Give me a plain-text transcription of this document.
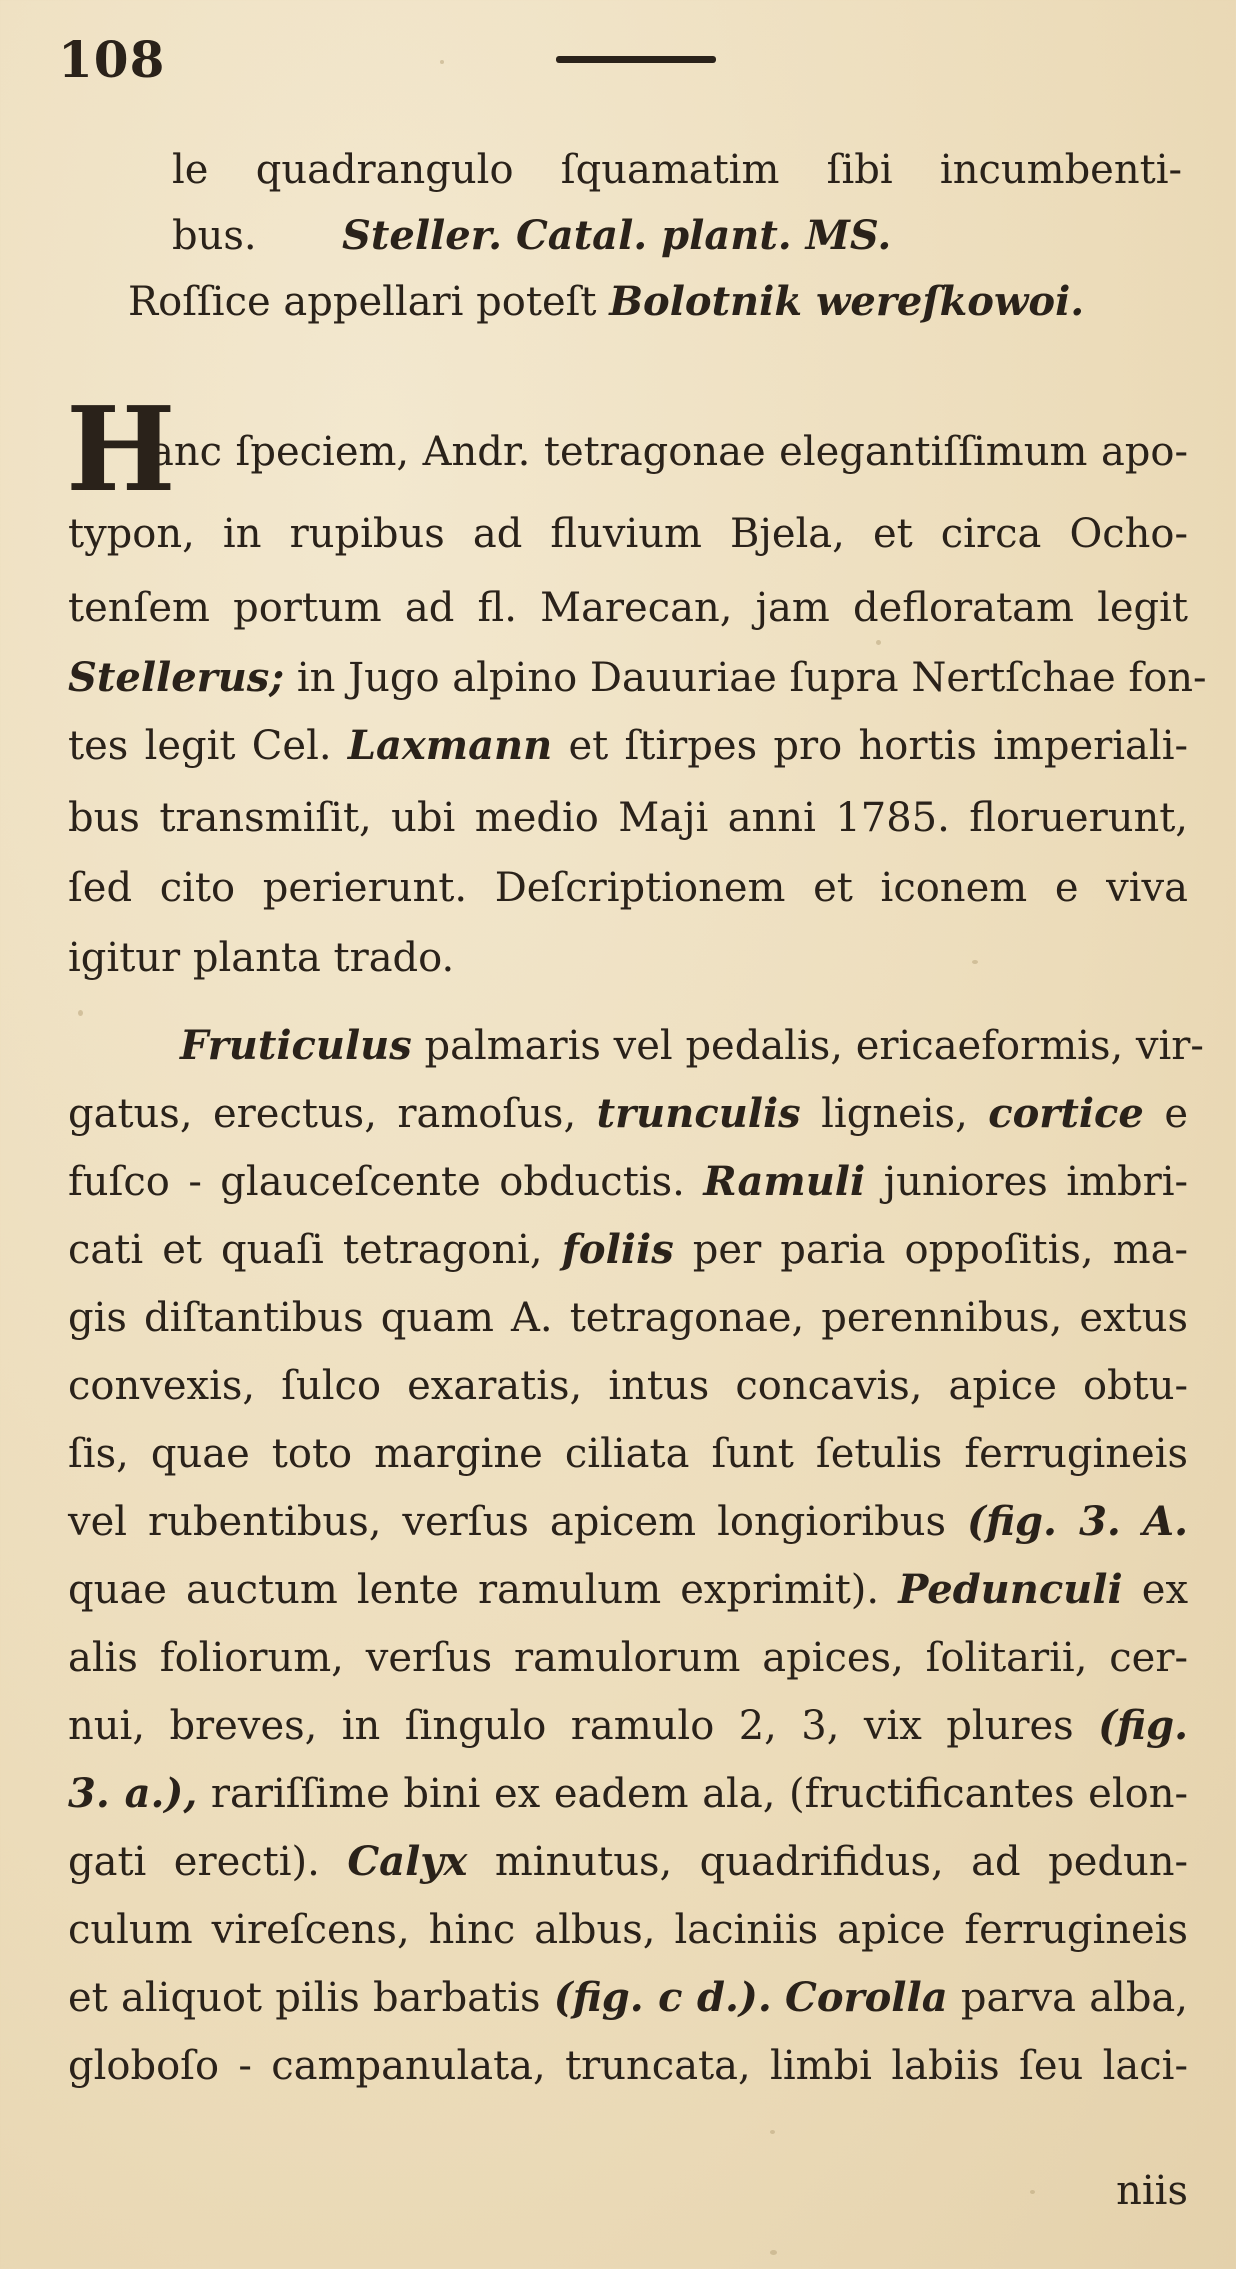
108
le quadrangulo ſquamatim ſibi incumbenti-
bus. Steller. Catal. plant. MS.
Roſſice appellari poteſt Bolotnik wereſkowoi.
H
anc ſpeciem, Andr. tetragonae elegantiſſimum apo-
typon, in rupibus ad fluvium Bjela, et circa Ocho-
tenſem portum ad fl. Marecan, jam defloratam legit
Stellerus; in Jugo alpino Dauuriae ſupra Nertſchae fon-
tes legit Cel. Laxmann et ſtirpes pro hortis imperiali-
bus transmiſit, ubi medio Maji anni 1785. floruerunt,
ſed cito perierunt. Deſcriptionem et iconem e viva
igitur planta trado.
Fruticulus palmaris vel pedalis, ericaeformis, vir-
gatus, erectus, ramoſus, trunculis ligneis, cortice e
fuſco - glauceſcente obductis. Ramuli juniores imbri-
cati et quaſi tetragoni, foliis per paria oppoſitis, ma-
gis diſtantibus quam A. tetragonae, perennibus, extus
convexis, ſulco exaratis, intus concavis, apice obtu-
ſis, quae toto margine ciliata ſunt ſetulis ferrugineis
vel rubentibus, verſus apicem longioribus (fig. 3. A.
quae auctum lente ramulum exprimit). Pedunculi ex
alis foliorum, verſus ramulorum apices, ſolitarii, cer-
nui, breves, in ſingulo ramulo 2, 3, vix plures (fig.
3. a.), rariſſime bini ex eadem ala, (fructificantes elon-
gati erecti). Calyx minutus, quadrifidus, ad pedun-
culum vireſcens, hinc albus, laciniis apice ferrugineis
et aliquot pilis barbatis (fig. c d.). Corolla parva alba,
globoſo - campanulata, truncata, limbi labiis ſeu laci-
niis
